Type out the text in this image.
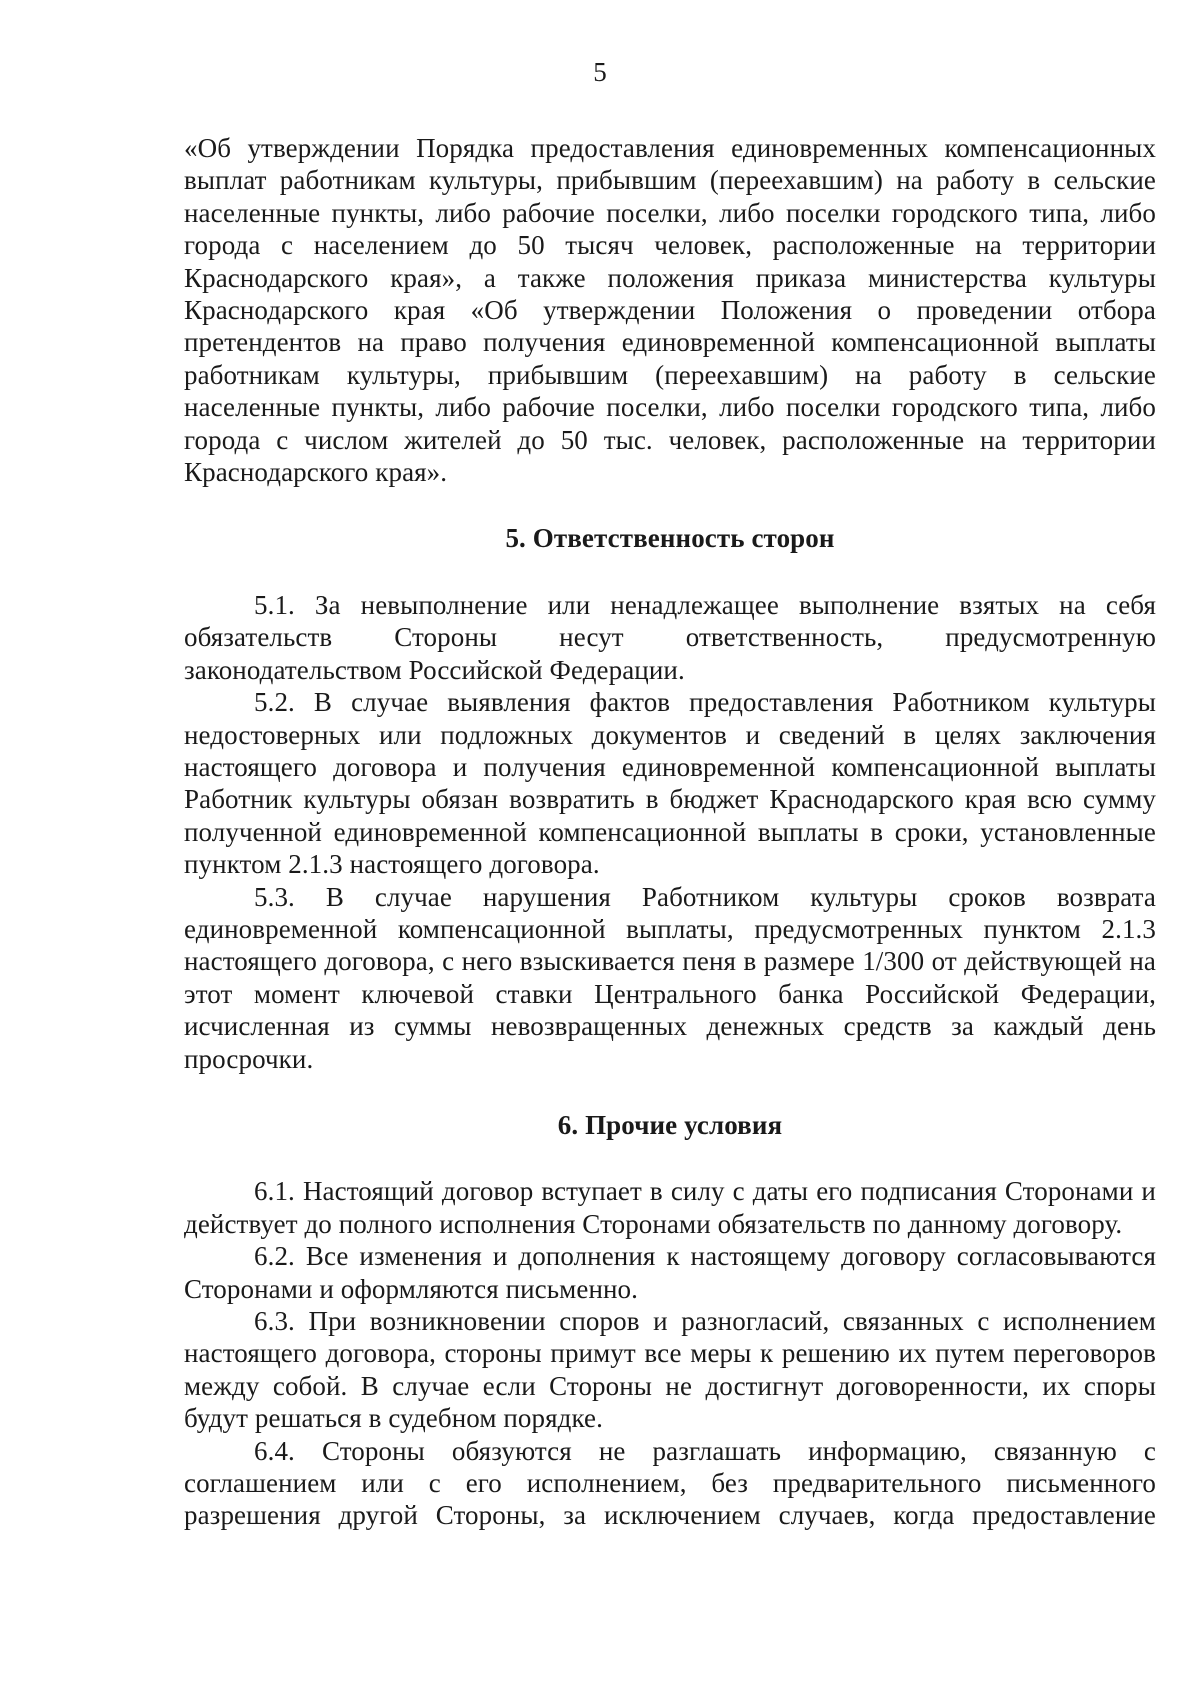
5

«Об утверждении Порядка предоставления единовременных компенсационных выплат работникам культуры, прибывшим (переехавшим) на работу в сельские населенные пункты, либо рабочие поселки, либо поселки городского типа, либо города с населением до 50 тысяч человек, расположенные на территории Краснодарского края», а также положения приказа министерства культуры Краснодарского края «Об утверждении Положения о проведении отбора претендентов на право получения единовременной компенсационной выплаты работникам культуры, прибывшим (переехавшим) на работу в сельские населенные пункты, либо рабочие поселки, либо поселки городского типа, либо города с числом жителей до 50 тыс. человек, расположенные на территории Краснодарского края».

5. Ответственность сторон

5.1. За невыполнение или ненадлежащее выполнение взятых на себя обязательств Стороны несут ответственность, предусмотренную законодательством Российской Федерации.

5.2. В случае выявления фактов предоставления Работником культуры недостоверных или подложных документов и сведений в целях заключения настоящего договора и получения единовременной компенсационной выплаты Работник культуры обязан возвратить в бюджет Краснодарского края всю сумму полученной единовременной компенсационной выплаты в сроки, установленные пунктом 2.1.3 настоящего договора.

5.3. В случае нарушения Работником культуры сроков возврата единовременной компенсационной выплаты, предусмотренных пунктом 2.1.3 настоящего договора, с него взыскивается пеня в размере 1/300 от действующей на этот момент ключевой ставки Центрального банка Российской Федерации, исчисленная из суммы невозвращенных денежных средств за каждый день просрочки.

6. Прочие условия

6.1. Настоящий договор вступает в силу с даты его подписания Сторонами и действует до полного исполнения Сторонами обязательств по данному договору.

6.2. Все изменения и дополнения к настоящему договору согласовываются Сторонами и оформляются письменно.

6.3. При возникновении споров и разногласий, связанных с исполнением настоящего договора, стороны примут все меры к решению их путем переговоров между собой. В случае если Стороны не достигнут договоренности, их споры будут решаться в судебном порядке.

6.4. Стороны обязуются не разглашать информацию, связанную с соглашением или с его исполнением, без предварительного письменного разрешения другой Стороны, за исключением случаев, когда предоставление
